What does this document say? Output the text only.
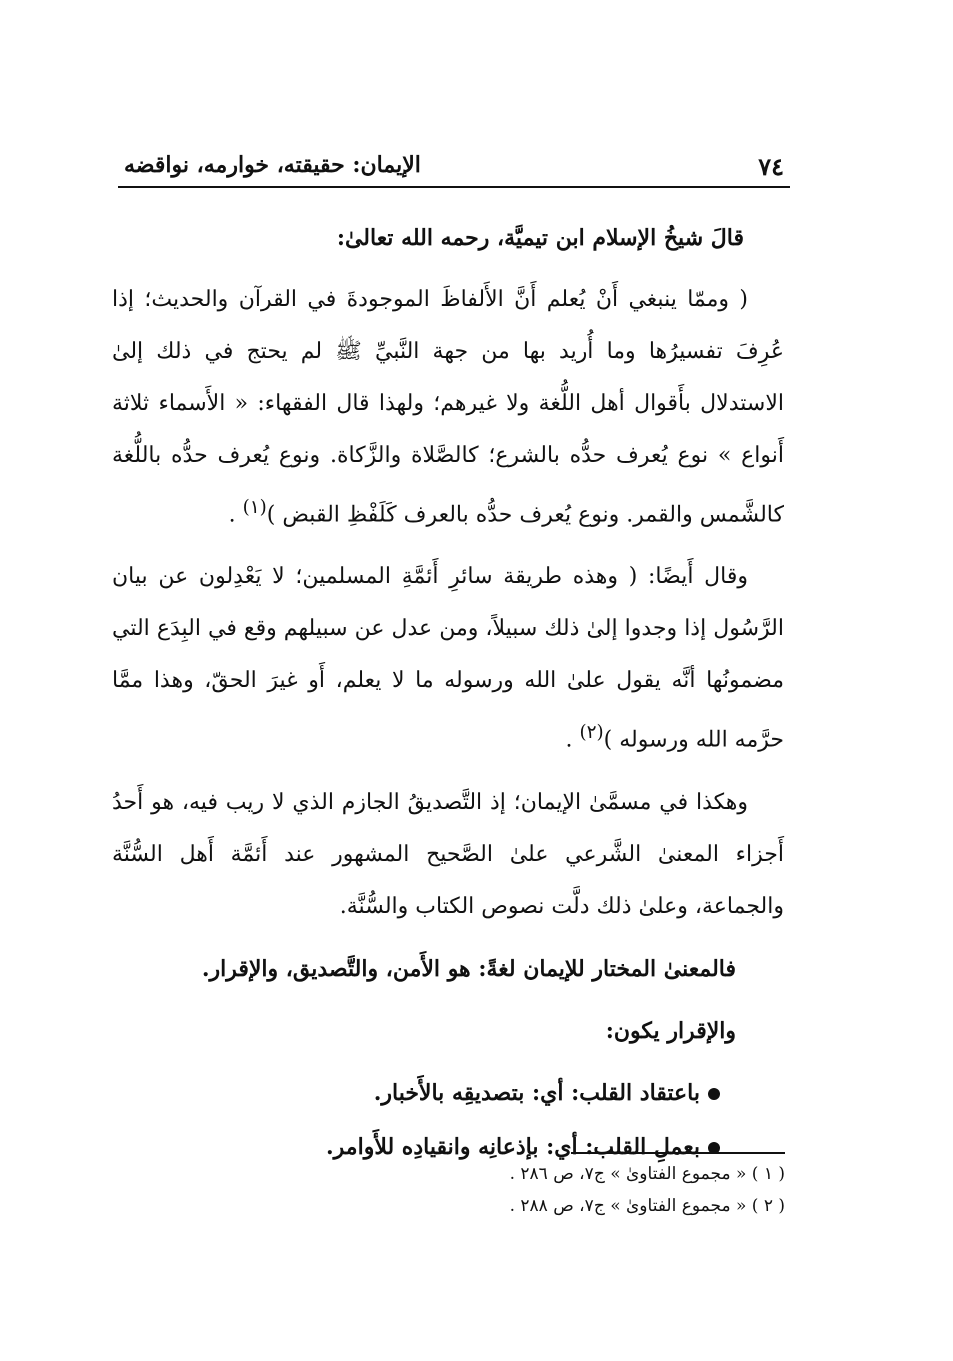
٧٤
الإيمان: حقيقته، خوارمه، نواقضه

قالَ شيخُ الإسلام ابن تيميَّة، رحمه الله تعالىٰ:

( وممّا ينبغي أَنْ يُعلم أَنَّ الأَلفاظَ الموجودةَ في القرآن والحديث؛ إذا عُرِفَ تفسيرُها وما أُريد بها من جهة النَّبيِّ ﷺ لم يحتج في ذلك إلىٰ الاستدلال بأَقوال أهل اللُّغة ولا غيرهم؛ ولهذا قال الفقهاء: « الأَسماء ثلاثة أَنواع » نوع يُعرف حدُّه بالشرع؛ كالصَّلاة والزَّكاة. ونوع يُعرف حدُّه باللُّغة كالشَّمس والقمر. ونوع يُعرف حدُّه بالعرف كَلَفْظِ القبض )$^{(١)}$ .

وقال أَيضًا: ( وهذه طريقة سائرِ أَئمَّةِ المسلمين؛ لا يَعْدِلون عن بيان الرَّسُول إذا وجدوا إلىٰ ذلك سبيلاً، ومن عدل عن سبيلهم وقع في البِدَع التي مضمونُها أنَّه يقول علىٰ الله ورسوله ما لا يعلم، أَو غيرَ الحقّ، وهذا ممَّا حرَّمه الله ورسوله )$^{(٢)}$ .

وهكذا في مسمَّىٰ الإيمان؛ إذ التَّصديقُ الجازم الذي لا ريب فيه، هو أَحدُ أَجزاء المعنىٰ الشَّرعي علىٰ الصَّحيح المشهور عند أَئمَّة أَهل السُّنَّة والجماعة، وعلىٰ ذلك دلَّت نصوص الكتاب والسُّنَّة.

فالمعنىٰ المختار للإيمان لغةً: هو الأَمن، والتَّصديق، والإقرار.

والإقرار يكون:

باعتقاد القلب: أي: بتصديقِه بالأَخبار.
بعملِ القلب: أي: بإذعانِه وانقيادِه للأَوامر.

( ١ ) « مجموع الفتاوىٰ » ج٧، ص ٢٨٦ .

( ٢ ) « مجموع الفتاوىٰ » ج٧، ص ٢٨٨ .
